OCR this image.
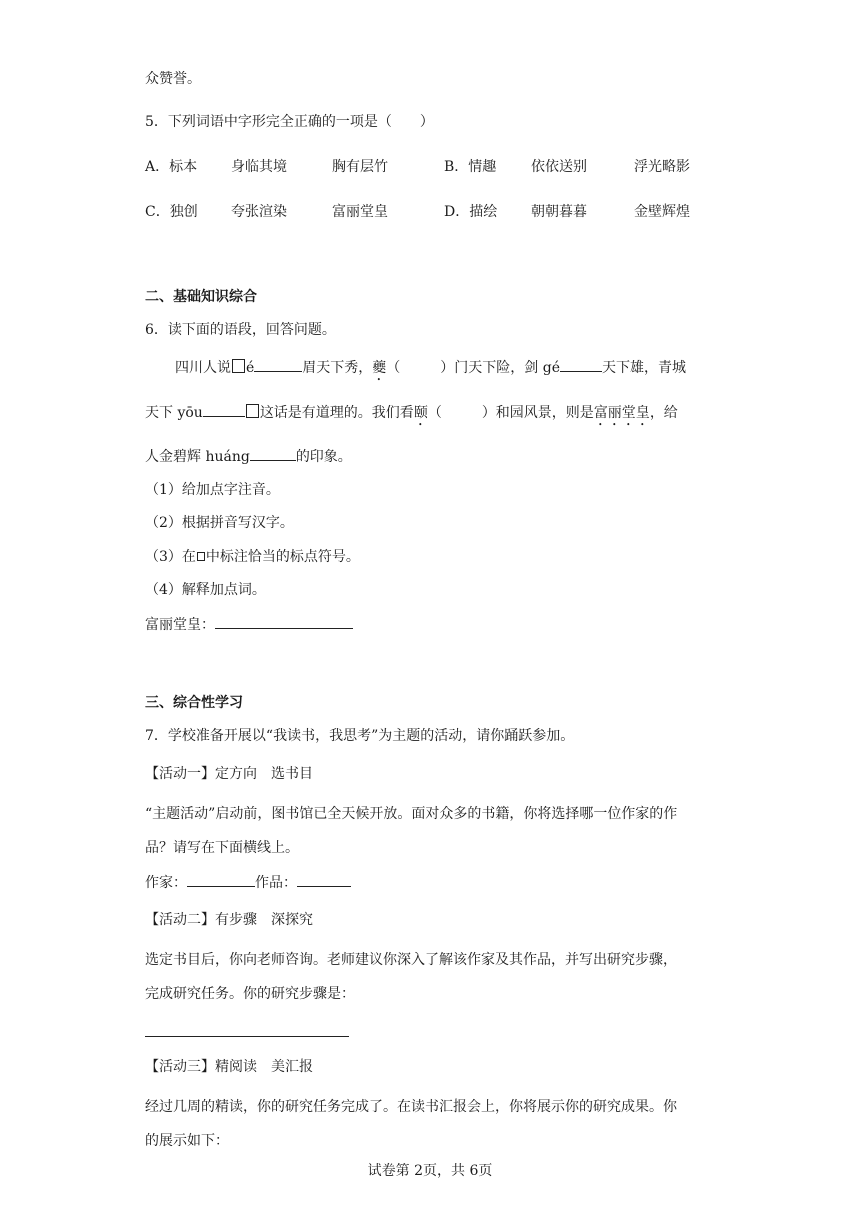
众赞誉。
5．下列词语中字形完全正确的一项是（　　）
A．标本 身临其境	胸有层竹	B．情趣 依依送别	浮光略影
C．独创 夸张渲染	富丽堂皇	D．描绘 朝朝暮暮	金壁辉煌
二、基础知识综合
6．读下面的语段，回答问题。
四川人说 é	眉天下秀，夔（	）门天下险，剑 gé	天下雄，青城
天下 yōu	这话是有道理的。我们看颐（	）和园风景，则是富丽堂皇，给
人金碧辉 huáng	的印象。
（1）给加点字注音。
（2）根据拼音写汉字。
（3）在 中标注恰当的标点符号。
（4）解释加点词。
富丽堂皇：
三、综合性学习
7．学校准备开展以“我读书，我思考”为主题的活动，请你踊跃参加。
【活动一】定方向　选书目
“主题活动”启动前，图书馆已全天候开放。面对众多的书籍，你将选择哪一位作家的作
品？请写在下面横线上。
作家：	作品：
【活动二】有步骤　深探究
选定书目后，你向老师咨询。老师建议你深入了解该作家及其作品，并写出研究步骤，
完成研究任务。你的研究步骤是：
【活动三】精阅读　美汇报
经过几周的精读，你的研究任务完成了。在读书汇报会上，你将展示你的研究成果。你
的展示如下：
试卷第 2页，共 6页
